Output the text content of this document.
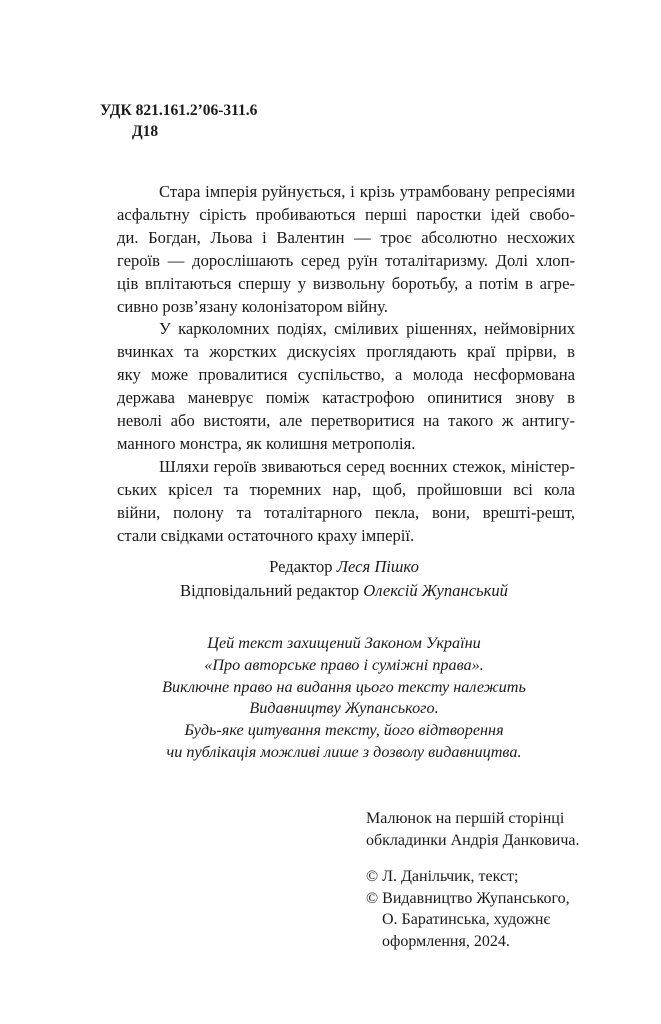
УДК 821.161.2’06-311.6
Д18
Стара імперія руйнується, і крізь утрамбовану репресіями
асфальтну сірість пробиваються перші паростки ідей свобо-
ди. Богдан, Льова і Валентин — троє абсолютно несхожих
героїв — дорослішають серед руїн тоталітаризму. Долі хлоп-
ців вплітаються спершу у визвольну боротьбу, а потім в агре-
сивно розв’язану колонізатором війну.
У карколомних подіях, сміливих рішеннях, неймовірних
вчинках та жорстких дискусіях проглядають краї прірви, в
яку може провалитися суспільство, а молода несформована
держава маневрує поміж катастрофою опинитися знову в
неволі або вистояти, але перетворитися на такого ж антигу-
манного монстра, як колишня метрополія.
Шляхи героїв звиваються серед воєнних стежок, міністер-
ських крісел та тюремних нар, щоб, пройшовши всі кола
війни, полону та тоталітарного пекла, вони, врешті-решт,
стали свідками остаточного краху імперії.
Редактор Леся Пішко
Відповідальний редактор Олексій Жупанський
Цей текст захищений Законом України
«Про авторське право і суміжні права».
Виключне право на видання цього тексту належить
Видавництву Жупанського.
Будь-яке цитування тексту, його відтворення
чи публікація можливі лише з дозволу видавництва.
Малюнок на першій сторінці
обкладинки Андрія Данковича.
© Л. Данільчик, текст;
© Видавництво Жупанського,
О. Баратинська, художнє
оформлення, 2024.
